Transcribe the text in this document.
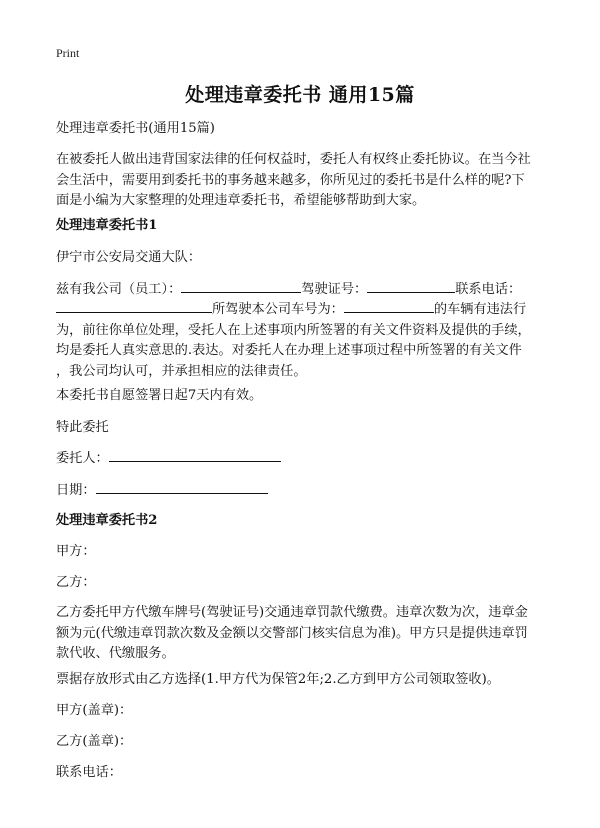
Print
处理违章委托书 通用15篇
处理违章委托书(通用15篇)
在被委托人做出违背国家法律的任何权益时，委托人有权终止委托协议。在当今社
会生活中，需要用到委托书的事务越来越多，你所见过的委托书是什么样的呢?下
面是小编为大家整理的处理违章委托书，希望能够帮助到大家。
处理违章委托书1
伊宁市公安局交通大队：
兹有我公司（员工）：	驾驶证号：	联系电话：
所驾驶本公司车号为：	的车辆有违法行
为，前往你单位处理，受托人在上述事项内所签署的有关文件资料及提供的手续，
均是委托人真实意思的.表达。对委托人在办理上述事项过程中所签署的有关文件
，我公司均认可，并承担相应的法律责任。
本委托书自愿签署日起7天内有效。
特此委托
委托人：
日期：
处理违章委托书2
甲方：
乙方：
乙方委托甲方代缴车牌号(驾驶证号)交通违章罚款代缴费。违章次数为次，违章金
额为元(代缴违章罚款次数及金额以交警部门核实信息为准)。甲方只是提供违章罚
款代收、代缴服务。
票据存放形式由乙方选择(1.甲方代为保管2年;2.乙方到甲方公司领取签收)。
甲方(盖章)：
乙方(盖章)：
联系电话：
